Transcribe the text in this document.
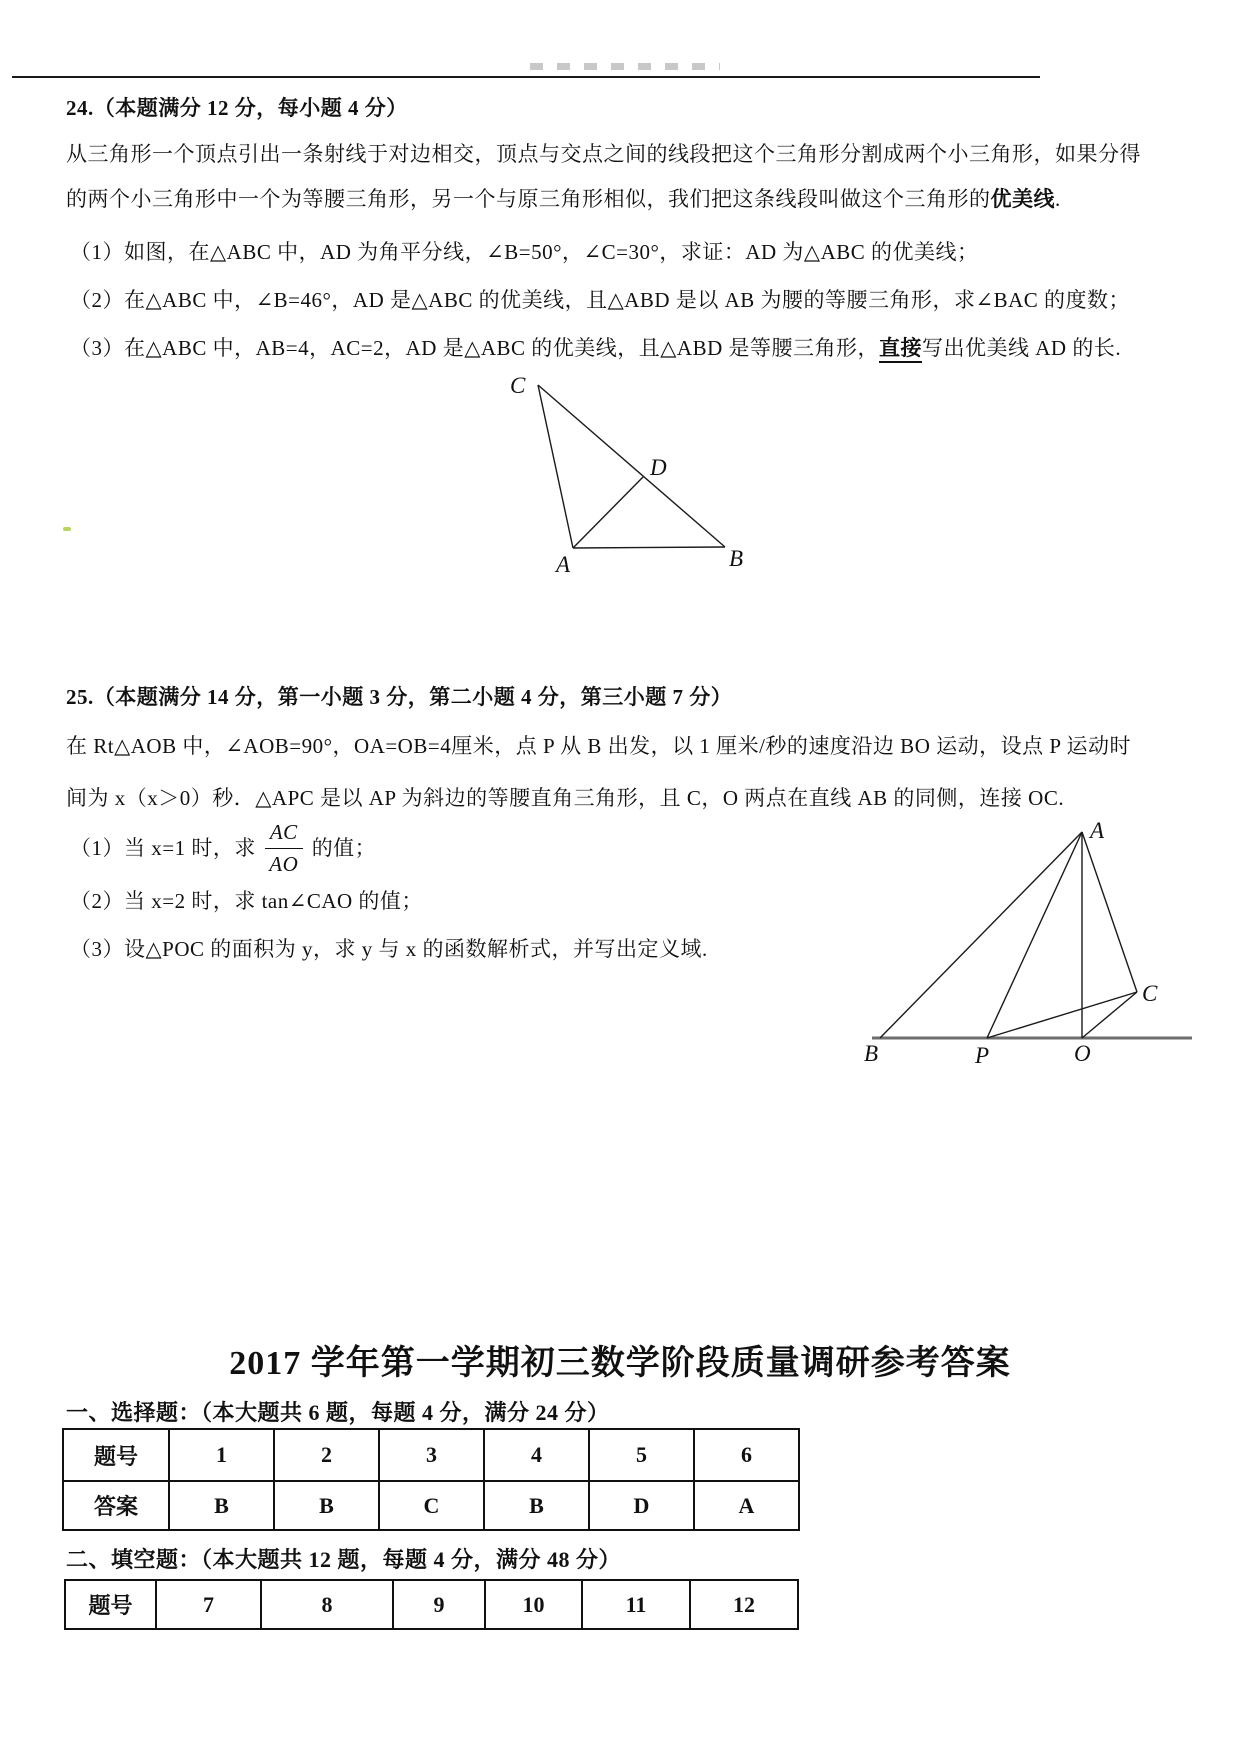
24.（本题满分 12 分，每小题 4 分）
从三角形一个顶点引出一条射线于对边相交，顶点与交点之间的线段把这个三角形分割成两个小三角形，如果分得
的两个小三角形中一个为等腰三角形，另一个与原三角形相似，我们把这条线段叫做这个三角形的优美线.
（1）如图，在△ABC 中，AD 为角平分线，∠B=50°，∠C=30°，求证：AD 为△ABC 的优美线；
（2）在△ABC 中，∠B=46°，AD 是△ABC 的优美线，且△ABD 是以 AB 为腰的等腰三角形，求∠BAC 的度数；
（3）在△ABC 中，AB=4，AC=2，AD 是△ABC 的优美线，且△ABD 是等腰三角形，直接写出优美线 AD 的长.
C
D
A	B
25.（本题满分 14 分，第一小题 3 分，第二小题 4 分，第三小题 7 分）
在 Rt△AOB 中，∠AOB=90°，OA=OB=4厘米，点 P 从 B 出发，以 1 厘米/秒的速度沿边 BO 运动，设点 P 运动时
间为 x（x＞0）秒．△APC 是以 AP 为斜边的等腰直角三角形，且 C，O 两点在直线 AB 的同侧，连接 OC.
（1）当 x=1 时，求 $\frac{AC}{AO}$ 的值；
（2）当 x=2 时，求 tan∠CAO 的值；
（3）设△POC 的面积为 y，求 y 与 x 的函数解析式，并写出定义域.
A
B	P	O
C
2017 学年第一学期初三数学阶段质量调研参考答案
一、选择题：（本大题共 6 题，每题 4 分，满分 24 分）
题号	1	2	3	4	5	6
答案	B	B	C	B	D	A
二、填空题：（本大题共 12 题，每题 4 分，满分 48 分）
题号	7	8	9	10	11	12
